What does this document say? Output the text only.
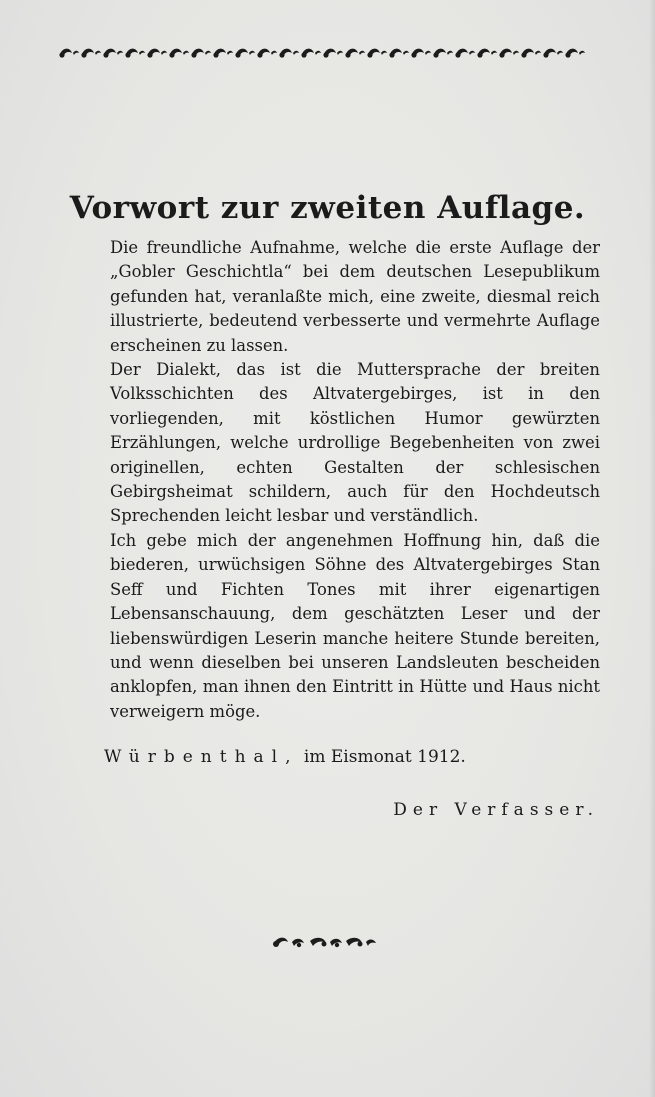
Vorwort zur zweiten Auflage.

Die freundliche Aufnahme, welche die erste Auflage der „Gobler Geschichtla“ bei dem deutschen Lesepublikum gefunden hat, veranlaßte mich, eine zweite, diesmal reich illustrierte, bedeutend verbesserte und vermehrte Auflage erscheinen zu lassen.

Der Dialekt, das ist die Muttersprache der breiten Volksschichten des Altvatergebirges, ist in den vorliegenden, mit köstlichen Humor gewürzten Erzählungen, welche urdrollige Begebenheiten von zwei originellen, echten Gestalten der schlesischen Gebirgsheimat schildern, auch für den Hochdeutsch Sprechenden leicht lesbar und verständlich.

Ich gebe mich der angenehmen Hoffnung hin, daß die biederen, urwüchsigen Söhne des Altvatergebirges Stan Seff und Fichten Tones mit ihrer eigenartigen Lebensanschauung, dem geschätzten Leser und der liebenswürdigen Leserin manche heitere Stunde bereiten, und wenn dieselben bei unseren Landsleuten bescheiden anklopfen, man ihnen den Eintritt in Hütte und Haus nicht verweigern möge.

Würbenthal, im Eismonat 1912.
Der Verfasser.
